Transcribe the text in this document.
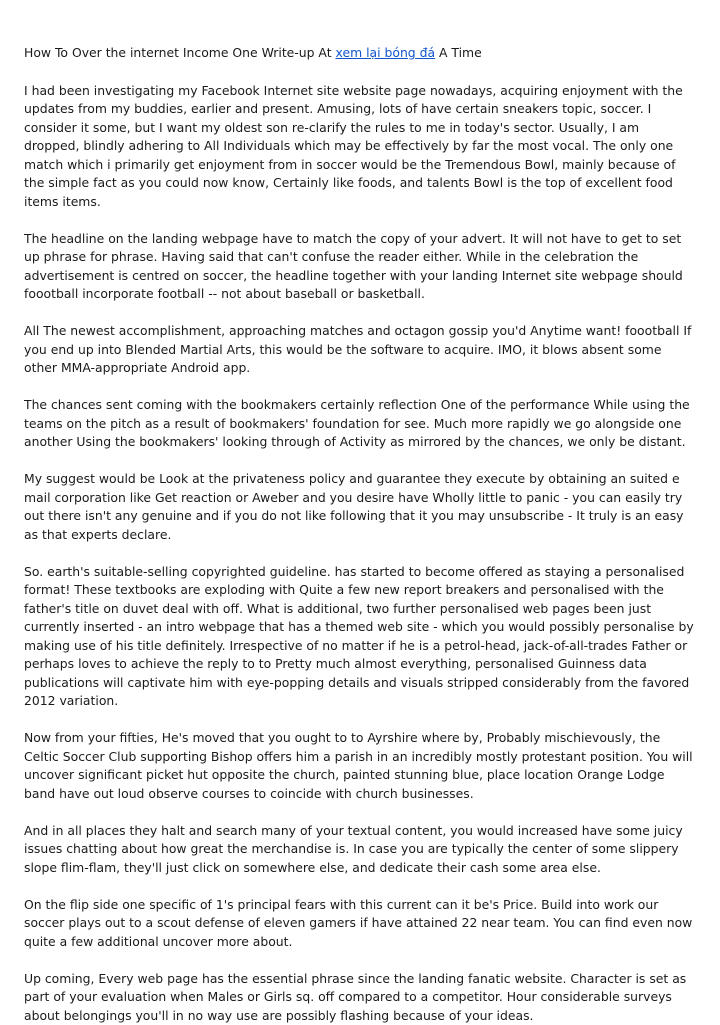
How To Over the internet Income One Write-up At xem lại bóng đá A Time

I had been investigating my Facebook Internet site website page nowadays, acquiring enjoyment with the updates from my buddies, earlier and present. Amusing, lots of have certain sneakers topic, soccer. I consider it some, but I want my oldest son re-clarify the rules to me in today's sector. Usually, I am dropped, blindly adhering to All Individuals which may be effectively by far the most vocal. The only one match which i primarily get enjoyment from in soccer would be the Tremendous Bowl, mainly because of the simple fact as you could now know, Certainly like foods, and talents Bowl is the top of excellent food items items.

The headline on the landing webpage have to match the copy of your advert. It will not have to get to set up phrase for phrase. Having said that can't confuse the reader either. While in the celebration the advertisement is centred on soccer, the headline together with your landing Internet site webpage should foootball incorporate football -- not about baseball or basketball.

All The newest accomplishment, approaching matches and octagon gossip you'd Anytime want! foootball If you end up into Blended Martial Arts, this would be the software to acquire. IMO, it blows absent some other MMA-appropriate Android app.

The chances sent coming with the bookmakers certainly reflection One of the performance While using the teams on the pitch as a result of bookmakers' foundation for see. Much more rapidly we go alongside one another Using the bookmakers' looking through of Activity as mirrored by the chances, we only be distant.

My suggest would be Look at the privateness policy and guarantee they execute by obtaining an suited e mail corporation like Get reaction or Aweber and you desire have Wholly little to panic - you can easily try out there isn't any genuine and if you do not like following that it you may unsubscribe - It truly is an easy as that experts declare.

So. earth's suitable-selling copyrighted guideline. has started to become offered as staying a personalised format! These textbooks are exploding with Quite a few new report breakers and personalised with the father's title on duvet deal with off. What is additional, two further personalised web pages been just currently inserted - an intro webpage that has a themed web site - which you would possibly personalise by making use of his title definitely. Irrespective of no matter if he is a petrol-head, jack-of-all-trades Father or perhaps loves to achieve the reply to to Pretty much almost everything, personalised Guinness data publications will captivate him with eye-popping details and visuals stripped considerably from the favored 2012 variation.

Now from your fifties, He's moved that you ought to to Ayrshire where by, Probably mischievously, the Celtic Soccer Club supporting Bishop offers him a parish in an incredibly mostly protestant position. You will uncover significant picket hut opposite the church, painted stunning blue, place location Orange Lodge band have out loud observe courses to coincide with church businesses.

And in all places they halt and search many of your textual content, you would increased have some juicy issues chatting about how great the merchandise is. In case you are typically the center of some slippery slope flim-flam, they'll just click on somewhere else, and dedicate their cash some area else.

On the flip side one specific of 1's principal fears with this current can it be's Price. Build into work our soccer plays out to a scout defense of eleven gamers if have attained 22 near team. You can find even now quite a few additional uncover more about.

Up coming, Every web page has the essential phrase since the landing fanatic website. Character is set as part of your evaluation when Males or Girls sq. off compared to a competitor. Hour considerable surveys about belongings you'll in no way use are possibly flashing because of your ideas.
